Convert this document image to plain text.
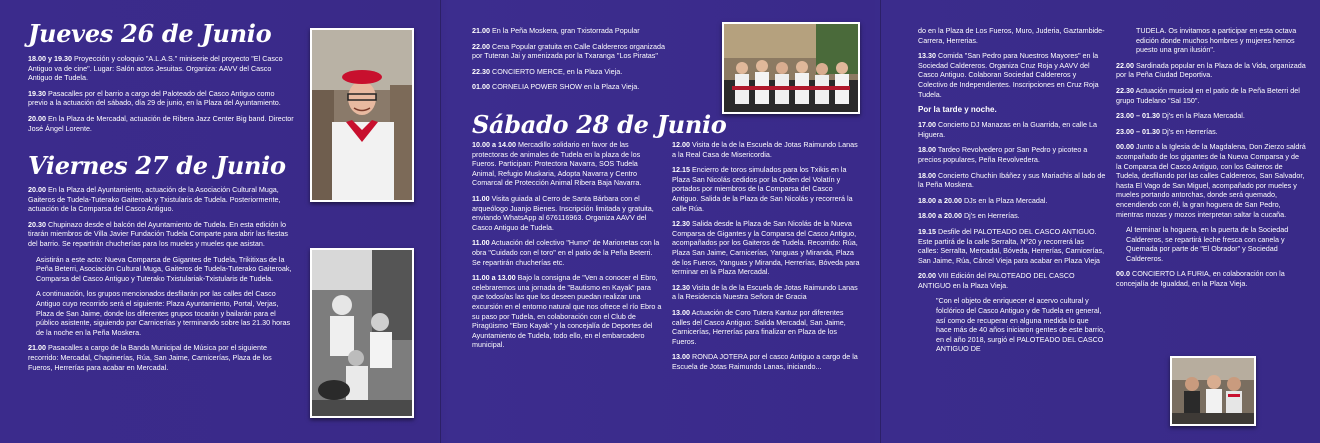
Jueves 26 de Junio
18.00 y 19.30 Proyección y coloquio "A.L.A.S." miniserie del proyecto "El Casco Antiguo va de cine". Lugar: Salón actos Jesuitas. Organiza: AAVV del Casco Antiguo de Tudela.
19.30 Pasacalles por el barrio a cargo del Paloteado del Casco Antiguo como previo a la actuación del sábado, día 29 de junio, en la Plaza del Ayuntamiento.
20.00 En la Plaza de Mercadal, actuación de Ribera Jazz Center Big band. Director José Ángel Lorente.
Viernes 27 de Junio
20.00 En la Plaza del Ayuntamiento, actuación de la Asociación Cultural Muga, Gaiteros de Tudela-Tuterako Gaiteroak y Txistularis de Tudela. Posteriormente, actuación de la Comparsa del Casco Antiguo.
20.30 Chupinazo desde el balcón del Ayuntamiento de Tudela. En esta edición lo tirarán miembros de Villa Javier Fundación Tudela Comparte para abrir las fiestas del barrio. Se repartirán chucherías para los mueles y mueles que asistan.
Asistirán a este acto: Nueva Comparsa de Gigantes de Tudela, Trikitixas de la Peña Beterri, Asociación Cultural Muga, Gaiteros de Tudela-Tuterako Gaiteroak, Comparsa del Casco Antiguo y Tuterako Txistulariak-Txistularis de Tudela.
A continuación, los grupos mencionados desfilarán por las calles del Casco Antiguo cuyo recorrido será el siguiente: Plaza Ayuntamiento, Portal, Verjas, Plaza de San Jaime, donde los diferentes grupos tocarán y bailarán para el público asistente, siguiendo por Carnicerías y terminando sobre las 21.30 horas de la noche en la Peña Moskera.
21.00 Pasacalles a cargo de la Banda Municipal de Música por el siguiente recorrido: Mercadal, Chapinerías, Rúa, San Jaime, Carnicerías, Plaza de los Fueros, Herrerías para acabar en Mercadal.
21.00 En la Peña Moskera, gran Txistorrada Popular
22.00 Cena Popular gratuita en Calle Caldereros organizada por Tuteran Jai y amenizada por la Txaranga "Los Piratas"
22.30 CONCIERTO MERCE, en la Plaza Vieja.
01.00 CORNELIA POWER SHOW en la Plaza Vieja.
Sábado 28 de Junio
10.00 a 14.00 Mercadillo solidario en favor de las protectoras de animales de Tudela en la plaza de los Fueros. Participan: Protectora Navarra, SOS Tudela Animal, Refugio Muskaria, Adopta Navarra y Centro Comarcal de Protección Animal Ribera Baja Navarra.
11.00 Visita guiada al Cerro de Santa Bárbara con el arqueólogo Juanjo Bienes. Inscripción limitada y gratuita, enviando WhatsApp al 676116963. Organiza AAVV del Casco Antiguo de Tudela.
11.00 Actuación del colectivo "Humo" de Marionetas con la obra "Cuidado con el toro" en el patio de la Peña Beterri. Se repartirán chucherías etc.
11.00 a 13.00 Bajo la consigna de "Ven a conocer el Ebro, celebraremos una jornada de "Bautismo en Kayak" para que todos/as las que los deseen puedan realizar una excursión en el entorno natural que nos ofrece el río Ebro a su paso por Tudela, en colaboración con el Club de Piragüismo "Ebro Kayak" y la concejalía de Deportes del Ayuntamiento de Tudela, todo ello, en el embarcadero municipal.
12.00 Visita de la de la Escuela de Jotas Raimundo Lanas a la Real Casa de Misericordia.
12.15 Encierro de toros simulados para los Txikis en la Plaza San Nicolás cedidos por la Orden del Volatín y portados por miembros de la Comparsa del Casco Antiguo. Salida de la Plaza de San Nicolás y recorrerá la calle Rúa.
12.30 Salida desde la Plaza de San Nicolás de la Nueva Comparsa de Gigantes y la Comparsa del Casco Antiguo, acompañados por los Gaiteros de Tudela. Recorrido: Rúa, Plaza San Jaime, Carnicerías, Yanguas y Miranda, Plaza de los Fueros, Yanguas y Miranda, Herrerías, Bóveda para terminar en la Plaza Mercadal.
12.30 Visita de la de la Escuela de Jotas Raimundo Lanas a la Residencia Nuestra Señora de Gracia
13.00 Actuación de Coro Tutera Kantuz por diferentes calles del Casco Antiguo: Salida Mercadal, San Jaime, Carnicerías, Herrerías para finalizar en Plaza de los Fueros.
13.00 RONDA JOTERA por el casco Antiguo a cargo de la Escuela de Jotas Raimundo Lanas, iniciando...
do en la Plaza de Los Fueros, Muro, Juderia, Gaztambide-Carrera, Herrerias.
13.30 Comida "San Pedro para Nuestros Mayores" en la Sociedad Caldereros. Organiza Cruz Roja y AAVV del Casco Antiguo. Colaboran Sociedad Caldereros y Colectivo de Independientes. Inscripciones en Cruz Roja Tudela.
Por la tarde y noche.
17.00 Concierto DJ Manazas en la Guarrida, en calle La Higuera.
18.00 Tardeo Revolvedero por San Pedro y picoteo a precios populares, Peña Revolvedera.
18.00 Concierto Chuchin Ibáñez y sus Mariachis al lado de la Peña Moskera.
18.00 a 20.00 DJs en la Plaza Mercadal.
18.00 a 20.00 Dj's en Herrerías.
19.15 Desfile del PALOTEADO DEL CASCO ANTIGUO. Este partirá de la calle Serralta, Nº20 y recorrerá las calles: Serralta, Mercadal, Bóveda, Herrerías, Carnicerías, San Jaime, Rúa, Cárcel Vieja para acabar en Plaza Vieja
20.00 VIII Edición del PALOTEADO DEL CASCO ANTIGUO en la Plaza Vieja.
"Con el objeto de enriquecer el acervo cultural y folclórico del Casco Antiguo y de Tudela en general, así como de recuperar en alguna medida lo que hace más de 40 años iniciaron gentes de este barrio, en el año 2018, surgió el PALOTEADO DEL CASCO ANTIGUO DE
TUDELA. Os invitamos a participar en esta octava edición donde muchos hombres y mujeres hemos puesto una gran ilusión".
22.00 Sardinada popular en la Plaza de la Vida, organizada por la Peña Ciudad Deportiva.
22.30 Actuación musical en el patio de la Peña Beterri del grupo Tudelano "Sal 150".
23.00 – 01.30 Dj's en la Plaza Mercadal.
23.00 – 01.30 Dj's en Herrerías.
00.00 Junto a la Iglesia de la Magdalena, Don Zierzo saldrá acompañado de los gigantes de la Nueva Comparsa y de la Comparsa del Casco Antiguo, con los Gaiteros de Tudela, desfilando por las calles Caldereros, San Salvador, hasta El Vago de San Miguel, acompañado por mueles y mueles portando antorchas, donde será quemado, encendiendo con él, la gran hoguera de San Pedro, mientras mozas y mozos interpretan saltar la cucaña.
Al terminar la hoguera, en la puerta de la Sociedad Caldereros, se repartirá leche fresca con canela y Quemada por parte de "El Obrador" y Sociedad Caldereros.
00.0 CONCIERTO LA FURIA, en colaboración con la concejalía de Igualdad, en la Plaza Vieja.
